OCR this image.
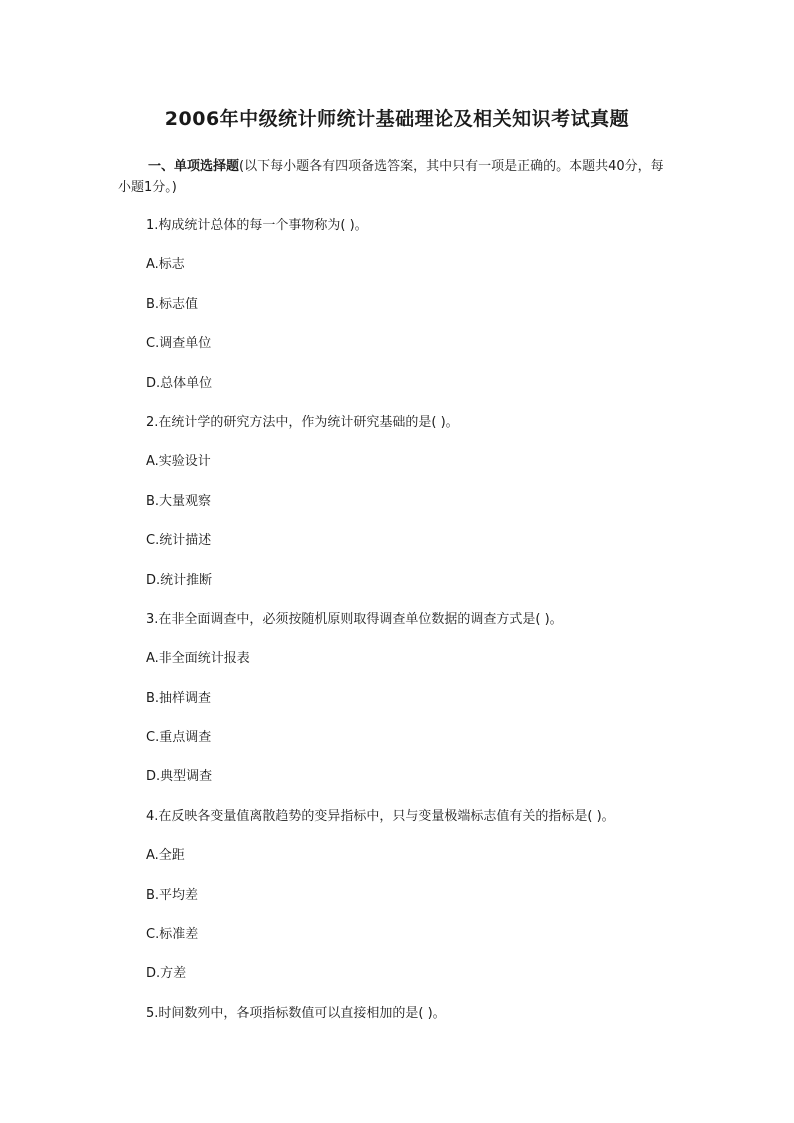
2006年中级统计师统计基础理论及相关知识考试真题

一、单项选择题(以下每小题各有四项备选答案，其中只有一项是正确的。本题共40分，每小题1分。)

1.构成统计总体的每一个事物称为( )。
A.标志
B.标志值
C.调查单位
D.总体单位
2.在统计学的研究方法中，作为统计研究基础的是( )。
A.实验设计
B.大量观察
C.统计描述
D.统计推断
3.在非全面调查中，必须按随机原则取得调查单位数据的调查方式是( )。
A.非全面统计报表
B.抽样调查
C.重点调查
D.典型调查
4.在反映各变量值离散趋势的变异指标中，只与变量极端标志值有关的指标是( )。
A.全距
B.平均差
C.标准差
D.方差
5.时间数列中，各项指标数值可以直接相加的是( )。
